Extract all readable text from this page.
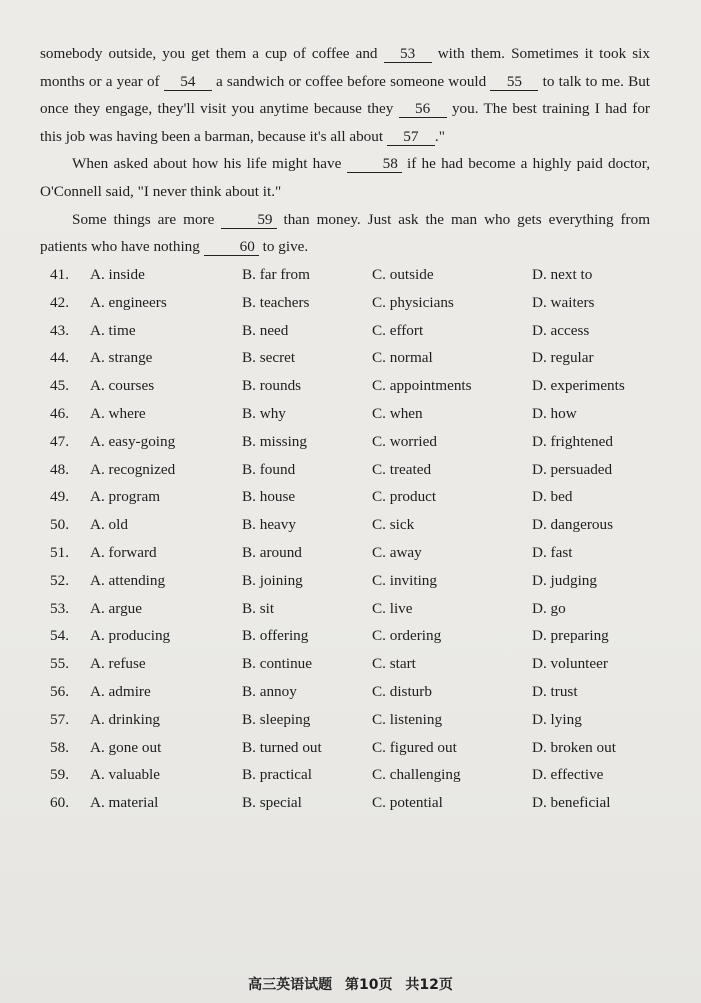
somebody outside, you get them a cup of coffee and 53 with them. Sometimes it took six months or a year of 54 a sandwich or coffee before someone would 55 to talk to me. But once they engage, they'll visit you anytime because they 56 you. The best training I had for this job was having been a barman, because it's all about 57 ."

When asked about how his life might have	58 if he had become a highly paid doctor, O'Connell said, "I never think about it."

Some things are more	59 than money. Just ask the man who gets everything from patients who have nothing	60 to give.

41. A. inside	B. far from	C. outside	D. next to
42. A. engineers	B. teachers	C. physicians	D. waiters
43. A. time	B. need	C. effort	D. access
44. A. strange	B. secret	C. normal	D. regular
45. A. courses	B. rounds	C. appointments	D. experiments
46. A. where	B. why	C. when	D. how
47. A. easy-going	B. missing	C. worried	D. frightened
48. A. recognized	B. found	C. treated	D. persuaded
49. A. program	B. house	C. product	D. bed
50. A. old	B. heavy	C. sick	D. dangerous
51. A. forward	B. around	C. away	D. fast
52. A. attending	B. joining	C. inviting	D. judging
53. A. argue	B. sit	C. live	D. go
54. A. producing	B. offering	C. ordering	D. preparing
55. A. refuse	B. continue	C. start	D. volunteer
56. A. admire	B. annoy	C. disturb	D. trust
57. A. drinking	B. sleeping	C. listening	D. lying
58. A. gone out	B. turned out	C. figured out	D. broken out
59. A. valuable	B. practical	C. challenging	D. effective
60. A. material	B. special	C. potential	D. beneficial
高三英语试题 第10页 共12页
